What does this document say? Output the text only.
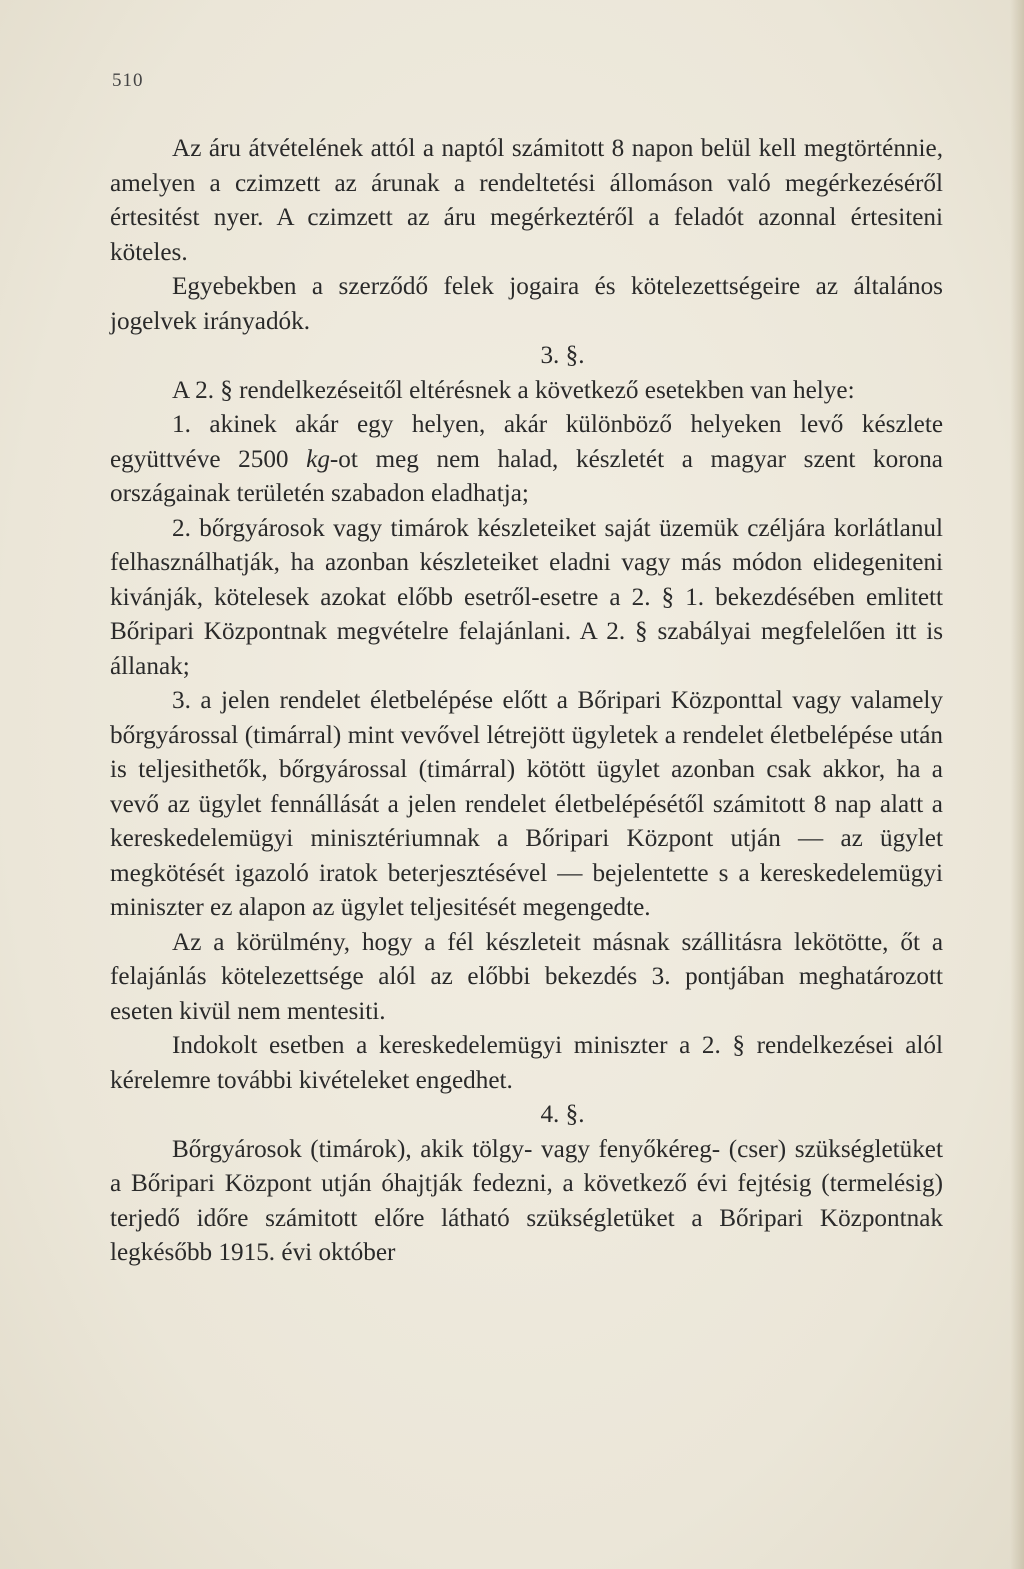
510

Az áru átvételének attól a naptól számitott 8 napon belül kell megtörténnie, amelyen a czimzett az árunak a rendeltetési állomáson való megérkezéséről értesitést nyer. A czimzett az áru megérkeztéről a feladót azonnal értesiteni köteles.

Egyebekben a szerződő felek jogaira és kötelezettségeire az általános jogelvek irányadók.

3. §.

A 2. § rendelkezéseitől eltérésnek a következő esetekben van helye:

1. akinek akár egy helyen, akár különböző helyeken levő készlete együttvéve 2500 kg-ot meg nem halad, készletét a magyar szent korona országainak területén szabadon eladhatja;

2. bőrgyárosok vagy timárok készleteiket saját üzemük czéljára korlátlanul felhasználhatják, ha azonban készleteiket eladni vagy más módon elidegeniteni kivánják, kötelesek azokat előbb esetről-esetre a 2. § 1. bekezdésében emlitett Bőripari Központnak megvételre felajánlani. A 2. § szabályai megfelelően itt is állanak;

3. a jelen rendelet életbelépése előtt a Bőripari Központtal vagy valamely bőrgyárossal (timárral) mint vevővel létrejött ügyletek a rendelet életbelépése után is teljesithetők, bőrgyárossal (timárral) kötött ügylet azonban csak akkor, ha a vevő az ügylet fennállását a jelen rendelet életbelépésétől számitott 8 nap alatt a kereskedelemügyi minisztériumnak a Bőripari Központ utján — az ügylet megkötését igazoló iratok beterjesztésével — bejelentette s a kereskedelemügyi miniszter ez alapon az ügylet teljesitését megengedte.

Az a körülmény, hogy a fél készleteit másnak szállitásra lekötötte, őt a felajánlás kötelezettsége alól az előbbi bekezdés 3. pontjában meghatározott eseten kivül nem mentesiti.

Indokolt esetben a kereskedelemügyi miniszter a 2. § rendelkezései alól kérelemre további kivételeket engedhet.

4. §.

Bőrgyárosok (timárok), akik tölgy- vagy fenyőkéreg- (cser) szükségletüket a Bőripari Központ utján óhajtják fedezni, a következő évi fejtésig (termelésig) terjedő időre számitott előre látható szükségletüket a Bőripari Központnak legkésőbb 1915. évi október
